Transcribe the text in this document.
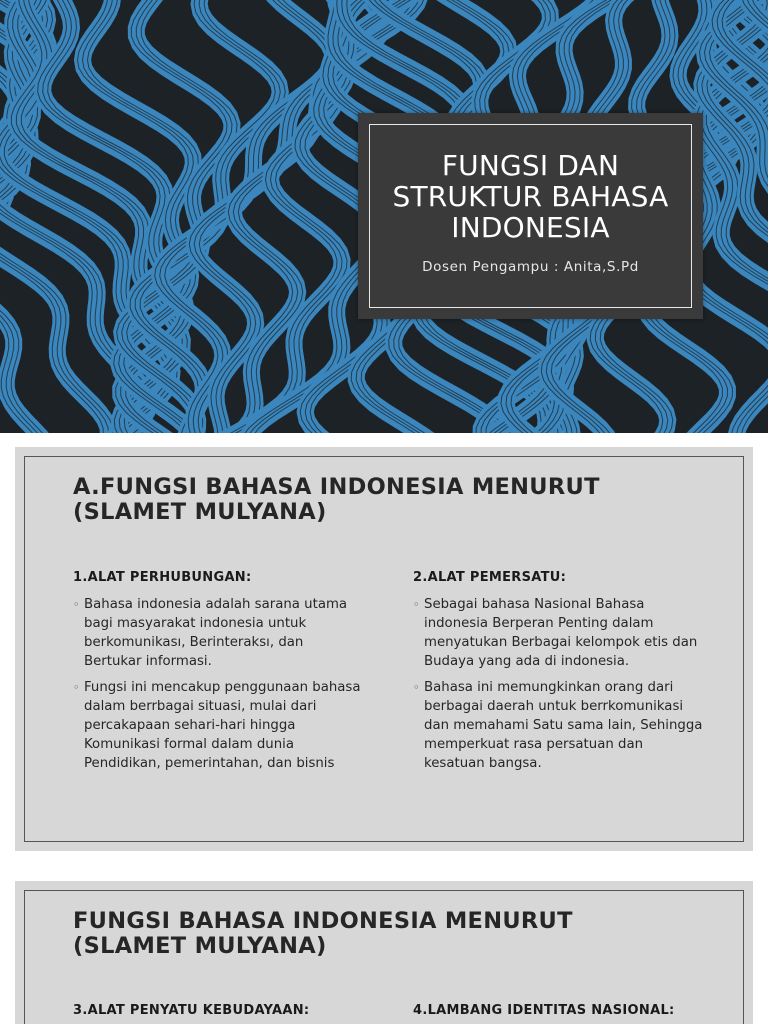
FUNGSI DAN STRUKTUR BAHASA INDONESIA
Dosen Pengampu : Anita,S.Pd
A.FUNGSI BAHASA INDONESIA MENURUT (SLAMET MULYANA)
1.ALAT PERHUBUNGAN:
◦ Bahasa indonesia adalah sarana utama bagi masyarakat indonesia untuk berkomunikası, Berinteraksı, dan Bertukar informasi.
◦ Fungsi ini mencakup penggunaan bahasa dalam berrbagai situasi, mulai dari percakapaan sehari-hari hingga Komunikasi formal dalam dunia Pendidikan, pemerintahan, dan bisnis
2.ALAT PEMERSATU:
◦ Sebagai bahasa Nasional Bahasa indonesia Berperan Penting dalam menyatukan Berbagai kelompok etis dan Budaya yang ada di indonesia.
◦ Bahasa ini memungkinkan orang dari berbagai daerah untuk berrkomunikasi dan memahami Satu sama lain, Sehingga memperkuat rasa persatuan dan kesatuan bangsa.
FUNGSI BAHASA INDONESIA MENURUT (SLAMET MULYANA)
3.ALAT PENYATU KEBUDAYAAN:	4.LAMBANG IDENTITAS NASIONAL:
